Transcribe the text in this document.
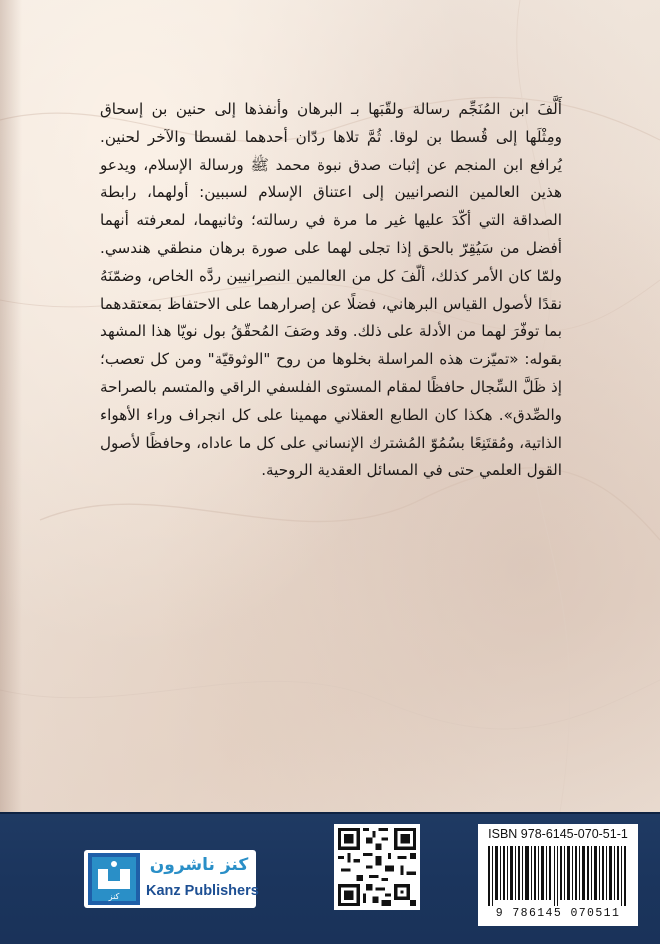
أَلَّفَ ابن المُنَجِّم رسالة ولقّبَها بـ البرهان وأنفذها إلى حنين بن إسحاق ومِثْلَها إلى قُسطا بن لوقا. ثُمَّ تلاها ردّان أحدهما لقسطا والآخر لحنين. يُرافع ابن المنجم عن إثبات صدق نبوة محمد ﷺ ورسالة الإسلام، ويدعو هذين العالمين النصرانيين إلى اعتناق الإسلام لسببين: أولهما، رابطة الصداقة التي أكّدَ عليها غير ما مرة في رسالته؛ وثانيهما، لمعرفته أنهما أفضل من سَيُقِرّ بالحق إذا تجلى لهما على صورة برهان منطقي هندسي. ولمّا كان الأمر كذلك، ألّفَ كل من العالمين النصرانيين ردَّه الخاص، وضمّنَهُ نقدًا لأصول القياس البرهاني، فضلًا عن إصرارهما على الاحتفاظ بمعتقدهما بما توفّرَ لهما من الأدلة على ذلك. وقد وصَفَ المُحقّقُ بول نويّا هذا المشهد بقوله: «تميّزت هذه المراسلة بخلوها من روح "الوثوقيّة" ومن كل تعصب؛ إذ ظَلَّ السِّجال حافظًا لمقام المستوى الفلسفي الراقي والمتسم بالصراحة والصِّدق». هكذا كان الطابع العقلاني مهمينا على كل انجراف وراء الأهواء الذاتية، ومُقتَنِعًا بسُمُوّ المُشترك الإنساني على كل ما عاداه، وحافظًا لأصول القول العلمي حتى في المسائل العقدية الروحية.

كنز
كنز ناشرون
Kanz Publishers
ISBN 978-6145-070-51-1
9 786145 070511
